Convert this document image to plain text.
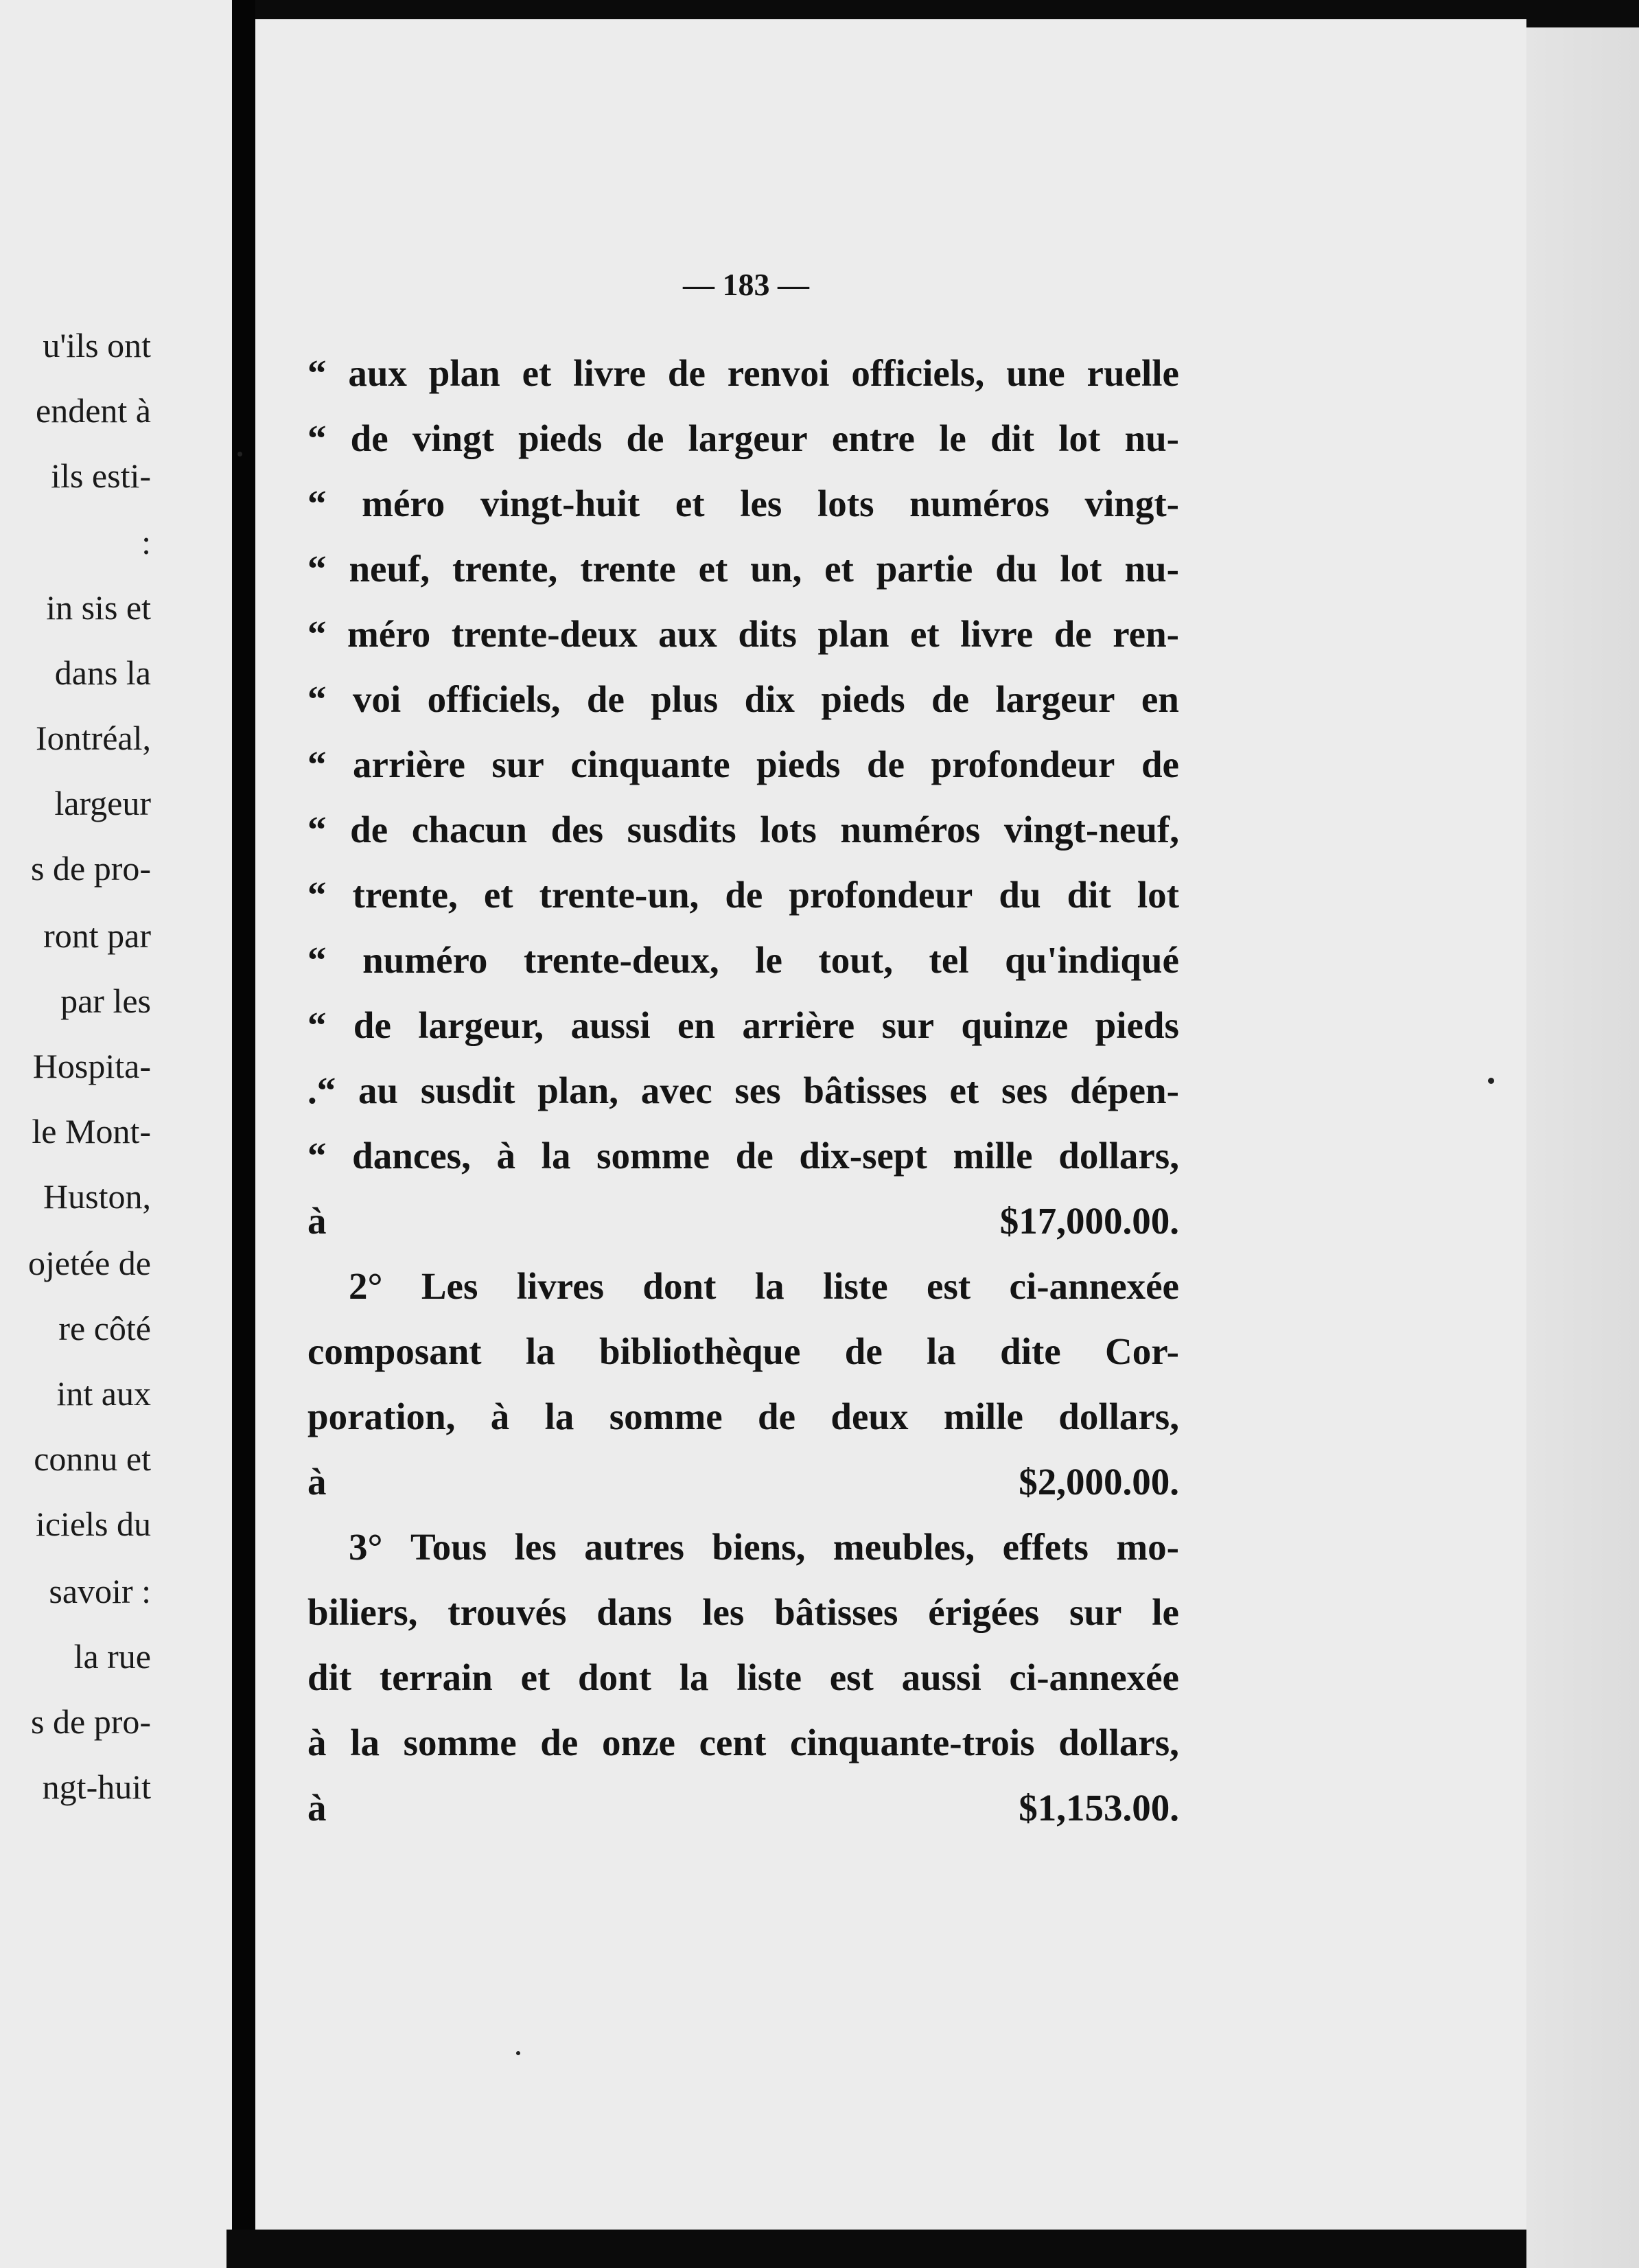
u'ils ont
endent à
ils esti-
:
in sis et
dans la
Iontréal,
largeur
s de pro-
ront par
par les
Hospita-
le Mont-
Huston,
ojetée de
re côté
int aux
connu et
iciels du
savoir :
la rue
s de pro-
ngt-huit
— 183 —
“ aux plan et livre de renvoi officiels, une ruelle
“ de vingt pieds de largeur entre le dit lot nu-
“ méro vingt-huit et les lots numéros vingt-
“ neuf, trente, trente et un, et partie du lot nu-
“ méro trente-deux aux dits plan et livre de ren-
“ voi officiels, de plus dix pieds de largeur en
“ arrière sur cinquante pieds de profondeur de
“ de chacun des susdits lots numéros vingt-neuf,
“ trente, et trente-un, de profondeur du dit lot
“ numéro trente-deux, le tout, tel qu'indiqué
“ de largeur, aussi en arrière sur quinze pieds
.“ au susdit plan, avec ses bâtisses et ses dépen-
“ dances, à la somme de dix-sept mille dollars,
à	$17,000.00.
2° Les livres dont la liste est ci-annexée
composant la bibliothèque de la dite Cor-
poration, à la somme de deux mille dollars,
à	$2,000.00.
3° Tous les autres biens, meubles, effets mo-
biliers, trouvés dans les bâtisses érigées sur le
dit terrain et dont la liste est aussi ci-annexée
à la somme de onze cent cinquante-trois dollars,
à	$1,153.00.
